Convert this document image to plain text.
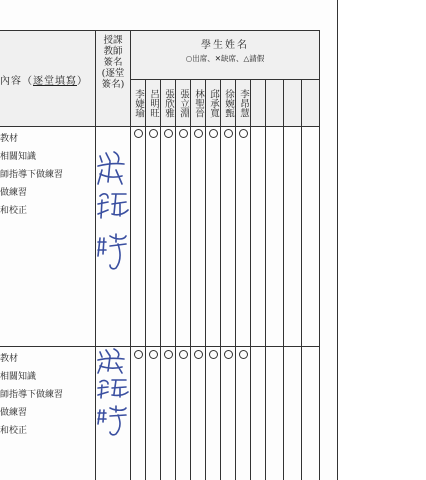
內容（逐堂填寫）
授課
教師
簽名
(逐堂
簽名)
學生姓名
○出席、✕缺席、△請假
李婕瑜 呂明旺 張欣雅 張立淵 林聖晉 邱承寬 徐婉甄 李昂慧
教材
相關知識
師指導下做練習
做練習
和校正
教材
相關知識
師指導下做練習
做練習
和校正
